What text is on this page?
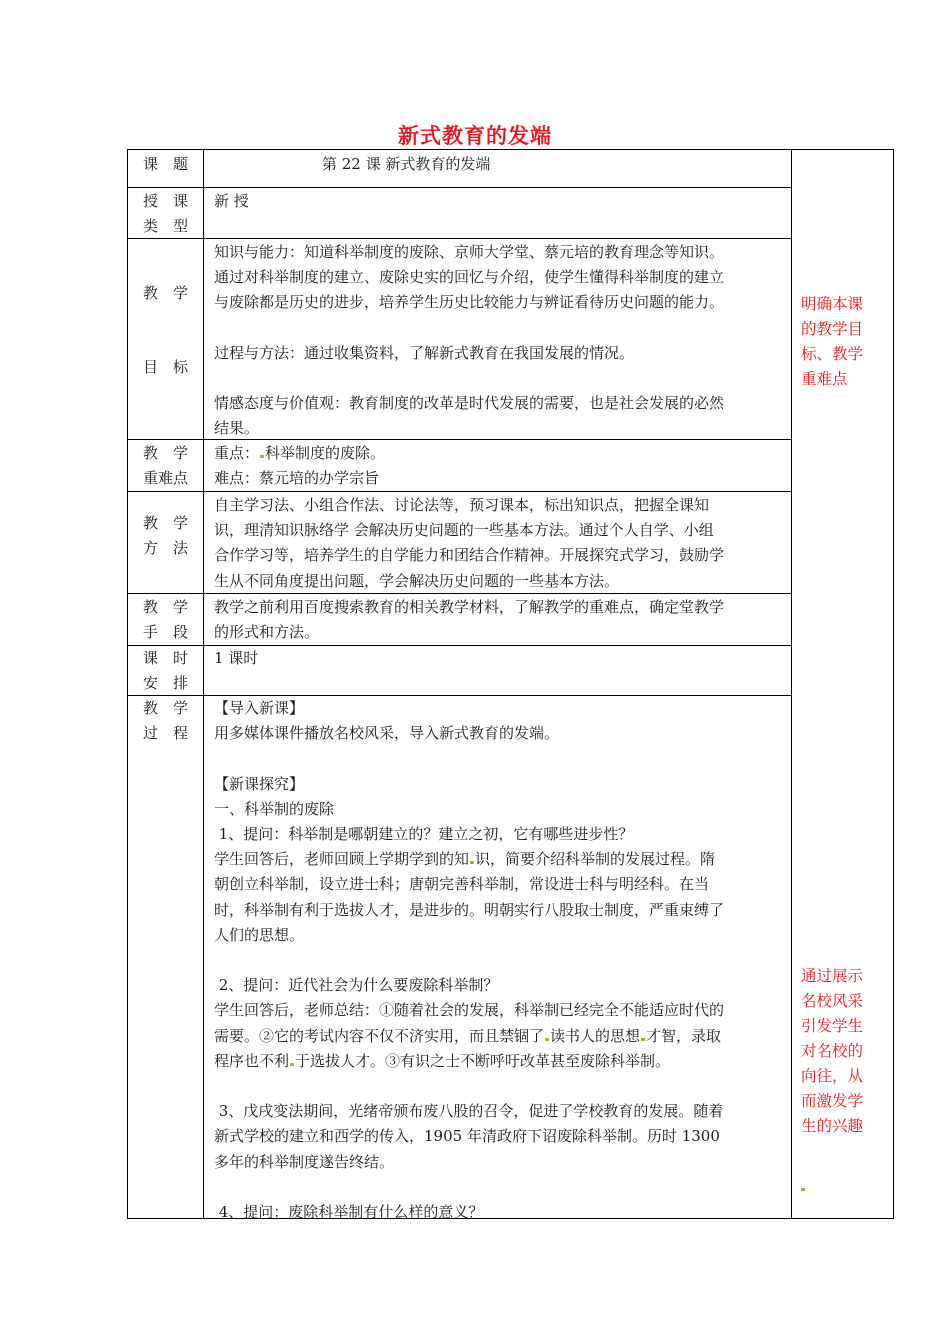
新式教育的发端
课　题	第 22 课 新式教育的发端
授　课
类　型
新 授
教　学
目　标

知识与能力：知道科举制度的废除、京师大学堂、蔡元培的教育理念等知识。

通过对科举制度的建立、废除史实的回忆与介绍，使学生懂得科举制度的建立

与废除都是历史的进步，培养学生历史比较能力与辨证看待历史问题的能力。

过程与方法：通过收集资料，了解新式教育在我国发展的情况。

情感态度与价值观：教育制度的改革是时代发展的需要，也是社会发展的必然

结果。

教　学
重难点

重点： 科举制度的废除。

难点：蔡元培的办学宗旨

教　学
方　法

自主学习法、小组合作法、讨论法等，预习课本，标出知识点，把握全课知

识，理清知识脉络学 会解决历史问题的一些基本方法。通过个人自学、小组

合作学习等，培养学生的自学能力和团结合作精神。开展探究式学习，鼓励学

生从不同角度提出问题，学会解决历史问题的一些基本方法。

教　学
手　段

教学之前利用百度搜索教育的相关教学材料，了解教学的重难点，确定堂教学

的形式和方法。

课　时
安　排
1 课时
教　学
过　程

【导入新课】

用多媒体课件播放名校风采，导入新式教育的发端。

【新课探究】

一、科举制的废除

1、提问：科举制是哪朝建立的？建立之初，它有哪些进步性？

学生回答后，老师回顾上学期学到的知 识，简要介绍科举制的发展过程。隋

朝创立科举制，设立进士科；唐朝完善科举制，常设进士科与明经科。在当

时，科举制有利于选拔人才，是进步的。明朝实行八股取士制度，严重束缚了

人们的思想。

2、提问：近代社会为什么要废除科举制？

学生回答后，老师总结：①随着社会的发展，科举制已经完全不能适应时代的

需要。②它的考试内容不仅不济实用，而且禁锢了 读书人的思想 才智，录取

程序也不利 于选拔人才。③有识之士不断呼吁改革甚至废除科举制。

3、戊戌变法期间，光绪帝颁布废八股的召令，促进了学校教育的发展。随着

新式学校的建立和西学的传入，1905 年清政府下诏废除科举制。历时 1300

多年的科举制度遂告终结。

4、提问：废除科举制有什么样的意义？

明确本课
的教学目
标、教学
重难点
通过展示
名校风采
引发学生
对名校的
向往，从
而激发学
生的兴趣
